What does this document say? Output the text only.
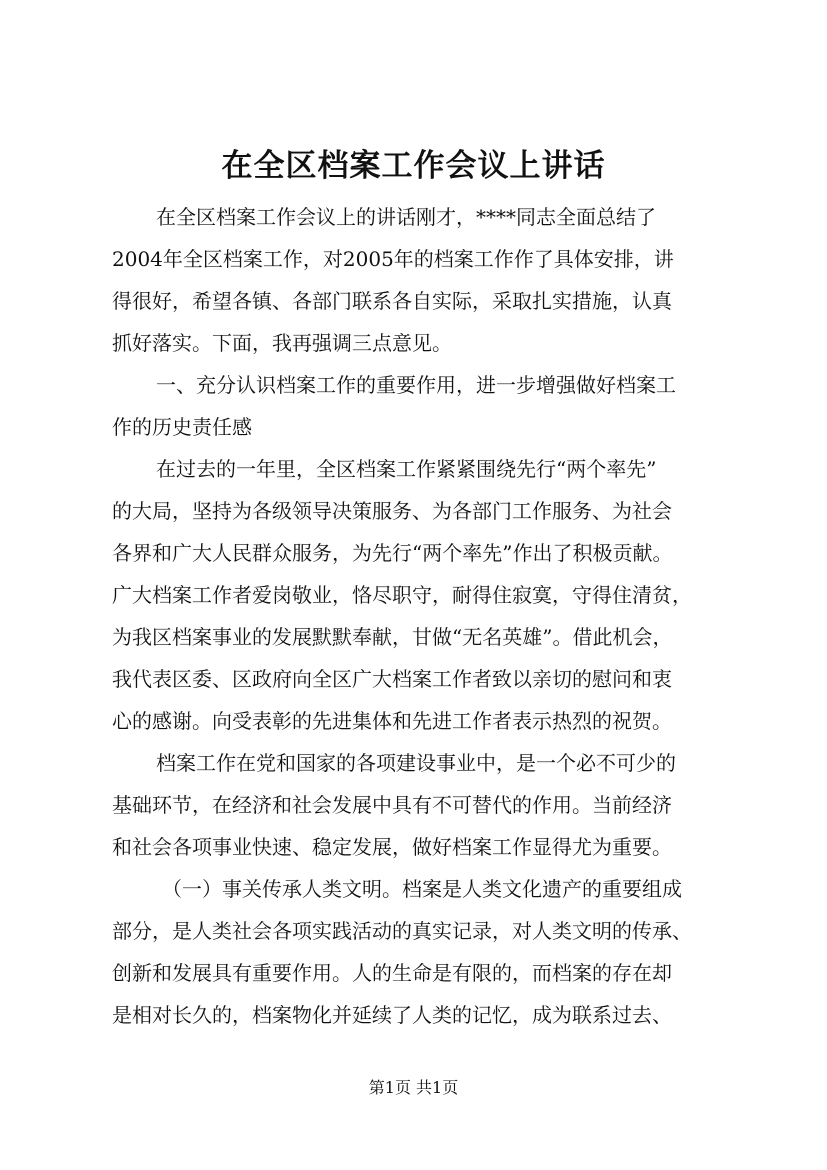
在全区档案工作会议上讲话
在全区档案工作会议上的讲话刚才，****同志全面总结了
2004年全区档案工作，对2005年的档案工作作了具体安排，讲
得很好，希望各镇、各部门联系各自实际，采取扎实措施，认真
抓好落实。下面，我再强调三点意见。
一、充分认识档案工作的重要作用，进一步增强做好档案工
作的历史责任感
在过去的一年里，全区档案工作紧紧围绕先行“两个率先”
的大局，坚持为各级领导决策服务、为各部门工作服务、为社会
各界和广大人民群众服务，为先行“两个率先”作出了积极贡献。
广大档案工作者爱岗敬业，恪尽职守，耐得住寂寞，守得住清贫，
为我区档案事业的发展默默奉献，甘做“无名英雄”。借此机会，
我代表区委、区政府向全区广大档案工作者致以亲切的慰问和衷
心的感谢。向受表彰的先进集体和先进工作者表示热烈的祝贺。
档案工作在党和国家的各项建设事业中，是一个必不可少的
基础环节，在经济和社会发展中具有不可替代的作用。当前经济
和社会各项事业快速、稳定发展，做好档案工作显得尤为重要。
（一）事关传承人类文明。档案是人类文化遗产的重要组成
部分，是人类社会各项实践活动的真实记录，对人类文明的传承、
创新和发展具有重要作用。人的生命是有限的，而档案的存在却
是相对长久的，档案物化并延续了人类的记忆，成为联系过去、
第1页 共1页
